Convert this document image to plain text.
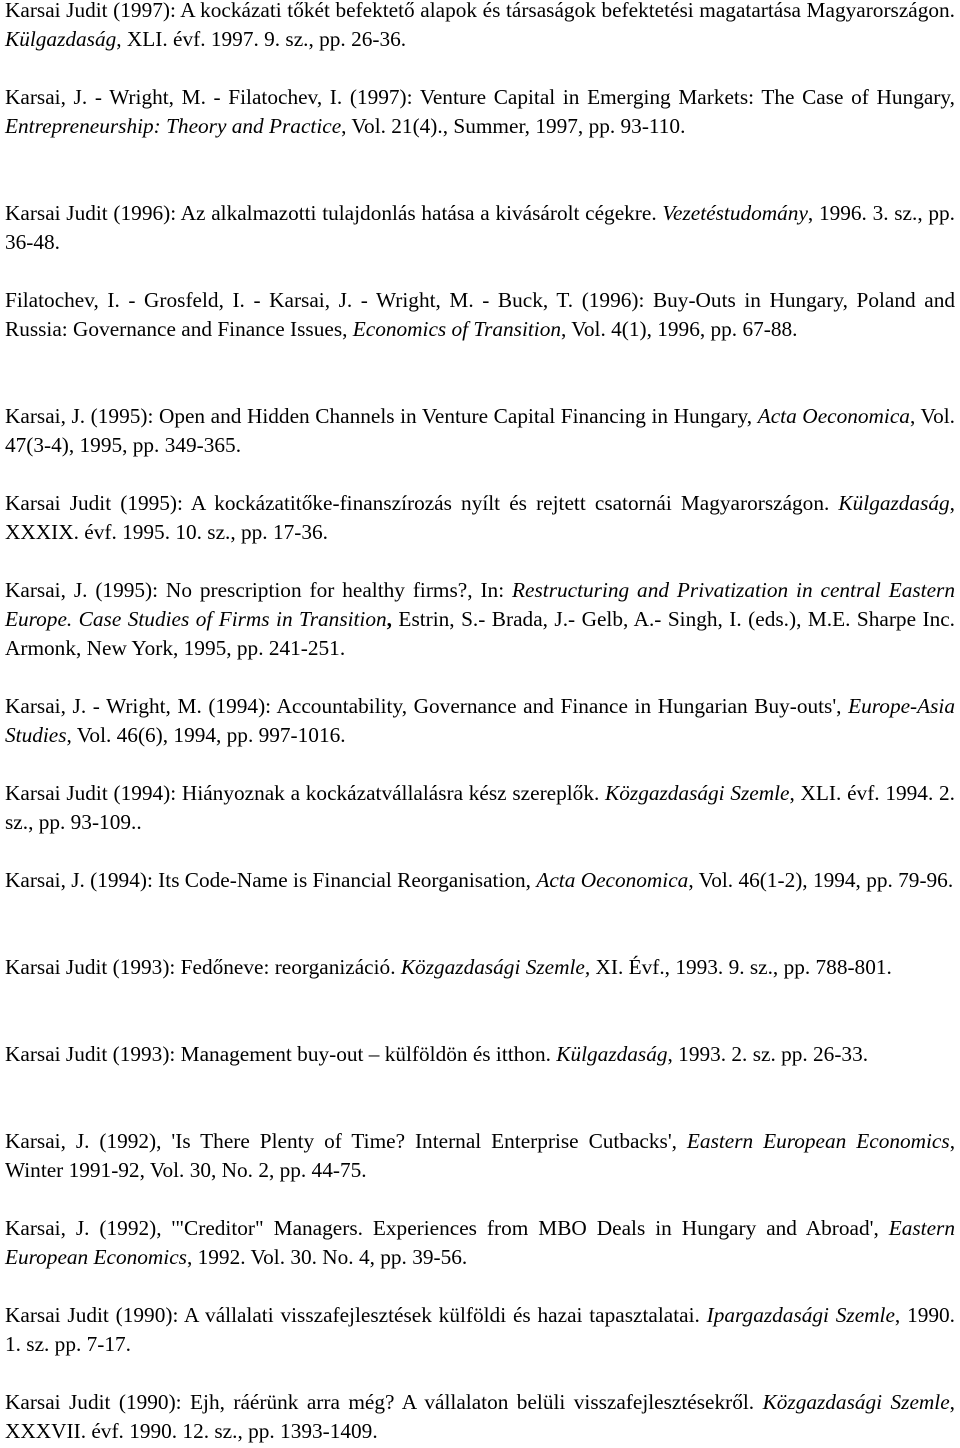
Karsai Judit (1997): A kockázati tőkét befektető alapok és társaságok befektetési magatartása Magyarországon. Külgazdaság, XLI. évf. 1997. 9. sz., pp. 26-36.

Karsai, J. - Wright, M. - Filatochev, I. (1997): Venture Capital in Emerging Markets: The Case of Hungary, Entrepreneurship: Theory and Practice, Vol. 21(4)., Summer, 1997, pp. 93-110.

Karsai Judit (1996): Az alkalmazotti tulajdonlás hatása a kivásárolt cégekre. Vezetéstudomány, 1996. 3. sz., pp. 36-48.

Filatochev, I. - Grosfeld, I. - Karsai, J. - Wright, M. - Buck, T. (1996): Buy-Outs in Hungary, Poland and Russia: Governance and Finance Issues, Economics of Transition, Vol. 4(1), 1996, pp. 67-88.

Karsai, J. (1995): Open and Hidden Channels in Venture Capital Financing in Hungary, Acta Oeconomica, Vol. 47(3-4), 1995, pp. 349-365.

Karsai Judit (1995): A kockázatitőke-finanszírozás nyílt és rejtett csatornái Magyarországon. Külgazdaság, XXXIX. évf. 1995. 10. sz., pp. 17-36.

Karsai, J. (1995): No prescription for healthy firms?, In: Restructuring and Privatization in central Eastern Europe. Case Studies of Firms in Transition, Estrin, S.- Brada, J.- Gelb, A.- Singh, I. (eds.), M.E. Sharpe Inc. Armonk, New York, 1995, pp. 241-251.

Karsai, J. - Wright, M. (1994): Accountability, Governance and Finance in Hungarian Buy-outs', Europe-Asia Studies, Vol. 46(6), 1994, pp. 997-1016.

Karsai Judit (1994): Hiányoznak a kockázatvállalásra kész szereplők. Közgazdasági Szemle, XLI. évf. 1994. 2. sz., pp. 93-109..

Karsai, J. (1994): Its Code-Name is Financial Reorganisation, Acta Oeconomica, Vol. 46(1-2), 1994, pp. 79-96.

Karsai Judit (1993): Fedőneve: reorganizáció. Közgazdasági Szemle, XI. Évf., 1993. 9. sz., pp. 788-801.

Karsai Judit (1993): Management buy-out – külföldön és itthon. Külgazdaság, 1993. 2. sz. pp. 26-33.

Karsai, J. (1992), 'Is There Plenty of Time? Internal Enterprise Cutbacks', Eastern European Economics, Winter 1991-92, Vol. 30, No. 2, pp. 44-75.

Karsai, J. (1992), '"Creditor" Managers. Experiences from MBO Deals in Hungary and Abroad', Eastern European Economics, 1992. Vol. 30. No. 4, pp. 39-56.

Karsai Judit (1990): A vállalati visszafejlesztések külföldi és hazai tapasztalatai. Ipargazdasági Szemle, 1990. 1. sz. pp. 7-17.

Karsai Judit (1990): Ejh, ráérünk arra még? A vállalaton belüli visszafejlesztésekről. Közgazdasági Szemle, XXXVII. évf. 1990. 12. sz., pp. 1393-1409.
